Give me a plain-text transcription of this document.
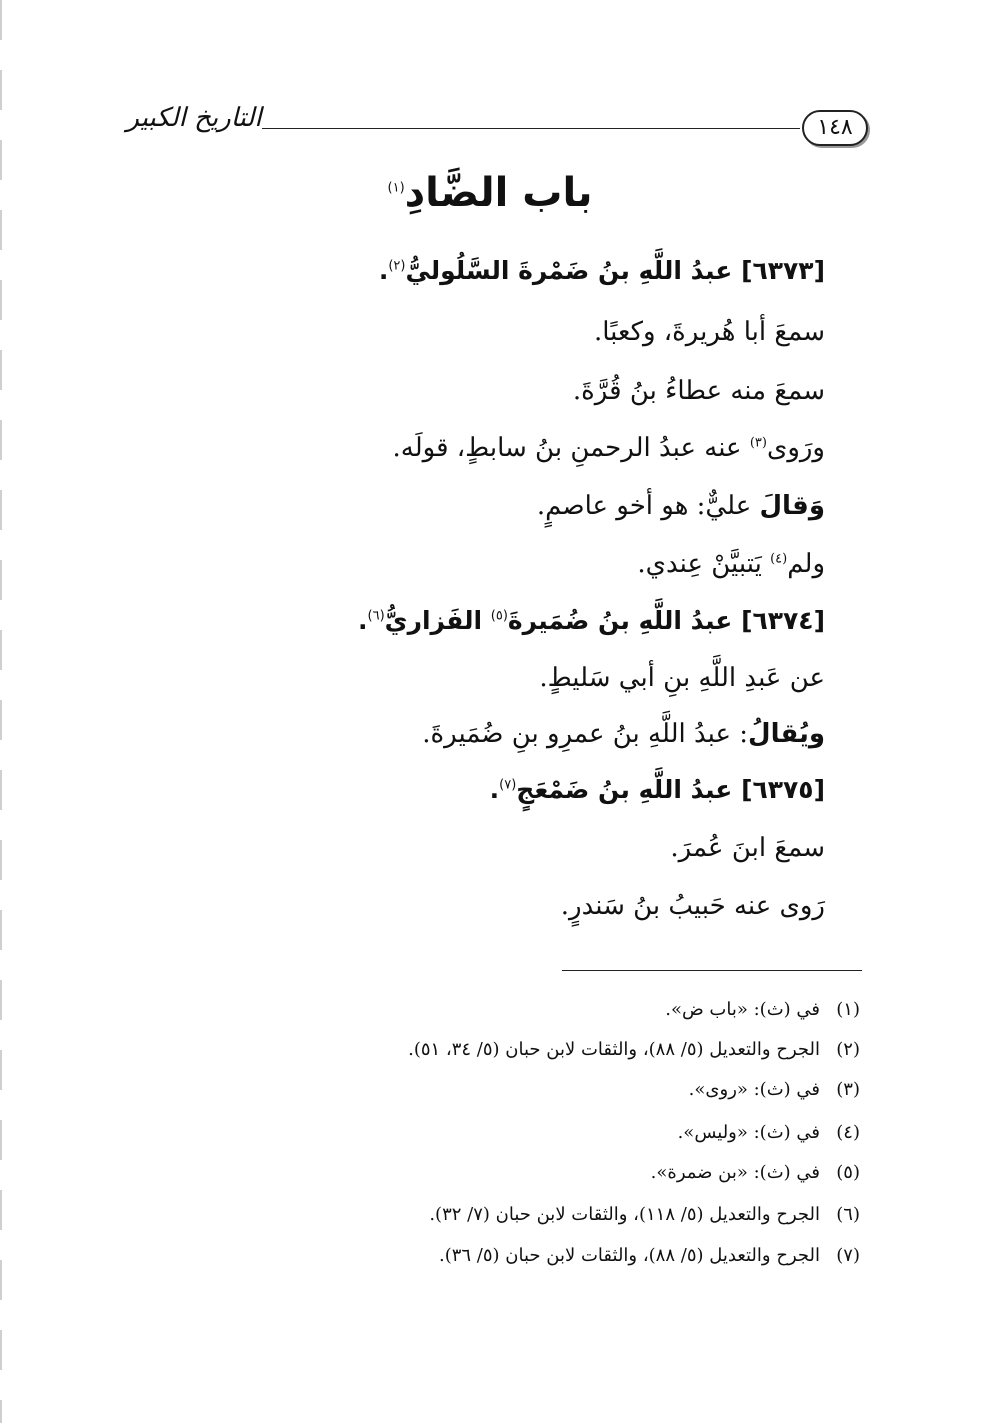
التاريخ الكبير	١٤٨
باب الضَّادِ$^{(١)}$
[٦٣٧٣] عبدُ اللَّهِ بنُ ضَمْرةَ السَّلُوليُّ$^{(٢)}$.
سمعَ أبا هُريرةَ، وكعبًا.
سمعَ منه عطاءُ بنُ قُرَّةَ.
ورَوى$^{(٣)}$ عنه عبدُ الرحمنِ بنُ سابطٍ، قولَه.
وَقالَ عليٌّ: هو أخو عاصمٍ.
ولم$^{(٤)}$ يَتبيَّنْ عِندي.
[٦٣٧٤] عبدُ اللَّهِ بنُ ضُمَيرةَ$^{(٥)}$ الفَزاريُّ$^{(٦)}$.
عن عَبدِ اللَّهِ بنِ أبي سَليطٍ.
ويُقالُ: عبدُ اللَّهِ بنُ عمرِو بنِ ضُمَيرةَ.
[٦٣٧٥] عبدُ اللَّهِ بنُ ضَمْعَجٍ$^{(٧)}$.
سمعَ ابنَ عُمرَ.
رَوى عنه حَبيبُ بنُ سَندرٍ.
(١)في (ث): «باب ض».
(٢)الجرح والتعديل (٥/ ٨٨)، والثقات لابن حبان (٥/ ٣٤، ٥١).
(٣)في (ث): «روى».
(٤)في (ث): «وليس».
(٥)في (ث): «بن ضمرة».
(٦)الجرح والتعديل (٥/ ١١٨)، والثقات لابن حبان (٧/ ٣٢).
(٧)الجرح والتعديل (٥/ ٨٨)، والثقات لابن حبان (٥/ ٣٦).
